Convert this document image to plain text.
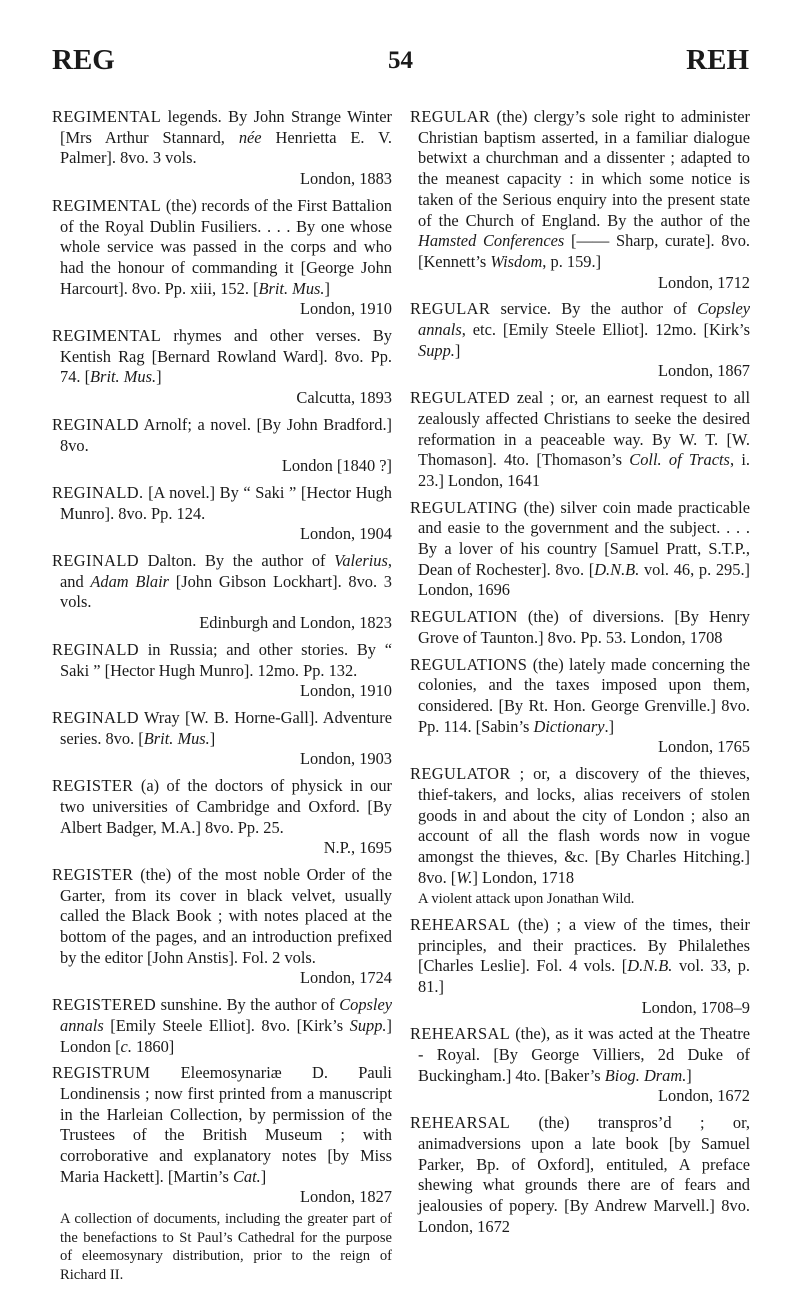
REG	54	REH
REGIMENTAL legends. By John Strange Winter [Mrs Arthur Stannard, née Henrietta E. V. Palmer]. 8vo. 3 vols.
London, 1883
REGIMENTAL (the) records of the First Battalion of the Royal Dublin Fusiliers. . . . By one whose whole service was passed in the corps and who had the honour of commanding it [George John Harcourt]. 8vo. Pp. xiii, 152. [Brit. Mus.]
London, 1910
REGIMENTAL rhymes and other verses. By Kentish Rag [Bernard Rowland Ward]. 8vo. Pp. 74. [Brit. Mus.]
Calcutta, 1893
REGINALD Arnolf; a novel. [By John Bradford.] 8vo.
London [1840 ?]
REGINALD. [A novel.] By “ Saki ” [Hector Hugh Munro]. 8vo. Pp. 124.
London, 1904
REGINALD Dalton. By the author of Valerius, and Adam Blair [John Gibson Lockhart]. 8vo. 3 vols.
Edinburgh and London, 1823
REGINALD in Russia; and other stories. By “ Saki ” [Hector Hugh Munro]. 12mo. Pp. 132.
London, 1910
REGINALD Wray [W. B. Horne-Gall]. Adventure series. 8vo. [Brit. Mus.]
London, 1903
REGISTER (a) of the doctors of physick in our two universities of Cambridge and Oxford. [By Albert Badger, M.A.] 8vo. Pp. 25.
N.P., 1695
REGISTER (the) of the most noble Order of the Garter, from its cover in black velvet, usually called the Black Book ; with notes placed at the bottom of the pages, and an introduction prefixed by the editor [John Anstis]. Fol. 2 vols.
London, 1724
REGISTERED sunshine. By the author of Copsley annals [Emily Steele Elliot]. 8vo. [Kirk’s Supp.] London [c. 1860]
REGISTRUM Eleemosynariæ D. Pauli Londinensis ; now first printed from a manuscript in the Harleian Collection, by permission of the Trustees of the British Museum ; with corroborative and explanatory notes [by Miss Maria Hackett]. [Martin’s Cat.]
London, 1827
A collection of documents, including the greater part of the benefactions to St Paul’s Cathedral for the purpose of eleemosynary distribution, prior to the reign of Richard II.
REGULAR (the) clergy’s sole right to administer Christian baptism asserted, in a familiar dialogue betwixt a churchman and a dissenter ; adapted to the meanest capacity : in which some notice is taken of the Serious enquiry into the present state of the Church of England. By the author of the Hamsted Conferences [—— Sharp, curate]. 8vo. [Kennett’s Wisdom, p. 159.]
London, 1712
REGULAR service. By the author of Copsley annals, etc. [Emily Steele Elliot]. 12mo. [Kirk’s Supp.]
London, 1867
REGULATED zeal ; or, an earnest request to all zealously affected Christians to seeke the desired reformation in a peaceable way. By W. T. [W. Thomason]. 4to. [Thomason’s Coll. of Tracts, i. 23.] London, 1641
REGULATING (the) silver coin made practicable and easie to the government and the subject. . . . By a lover of his country [Samuel Pratt, S.T.P., Dean of Rochester]. 8vo. [D.N.B. vol. 46, p. 295.] London, 1696
REGULATION (the) of diversions. [By Henry Grove of Taunton.] 8vo. Pp. 53. London, 1708
REGULATIONS (the) lately made concerning the colonies, and the taxes imposed upon them, considered. [By Rt. Hon. George Grenville.] 8vo. Pp. 114. [Sabin’s Dictionary.]
London, 1765
REGULATOR ; or, a discovery of the thieves, thief-takers, and locks, alias receivers of stolen goods in and about the city of London ; also an account of all the flash words now in vogue amongst the thieves, &c. [By Charles Hitching.] 8vo. [W.] London, 1718
A violent attack upon Jonathan Wild.
REHEARSAL (the) ; a view of the times, their principles, and their practices. By Philalethes [Charles Leslie]. Fol. 4 vols. [D.N.B. vol. 33, p. 81.]
London, 1708–9
REHEARSAL (the), as it was acted at the Theatre - Royal. [By George Villiers, 2d Duke of Buckingham.] 4to. [Baker’s Biog. Dram.]
London, 1672
REHEARSAL (the) transpros’d ; or, animadversions upon a late book [by Samuel Parker, Bp. of Oxford], entituled, A preface shewing what grounds there are of fears and jealousies of popery. [By Andrew Marvell.] 8vo. London, 1672
